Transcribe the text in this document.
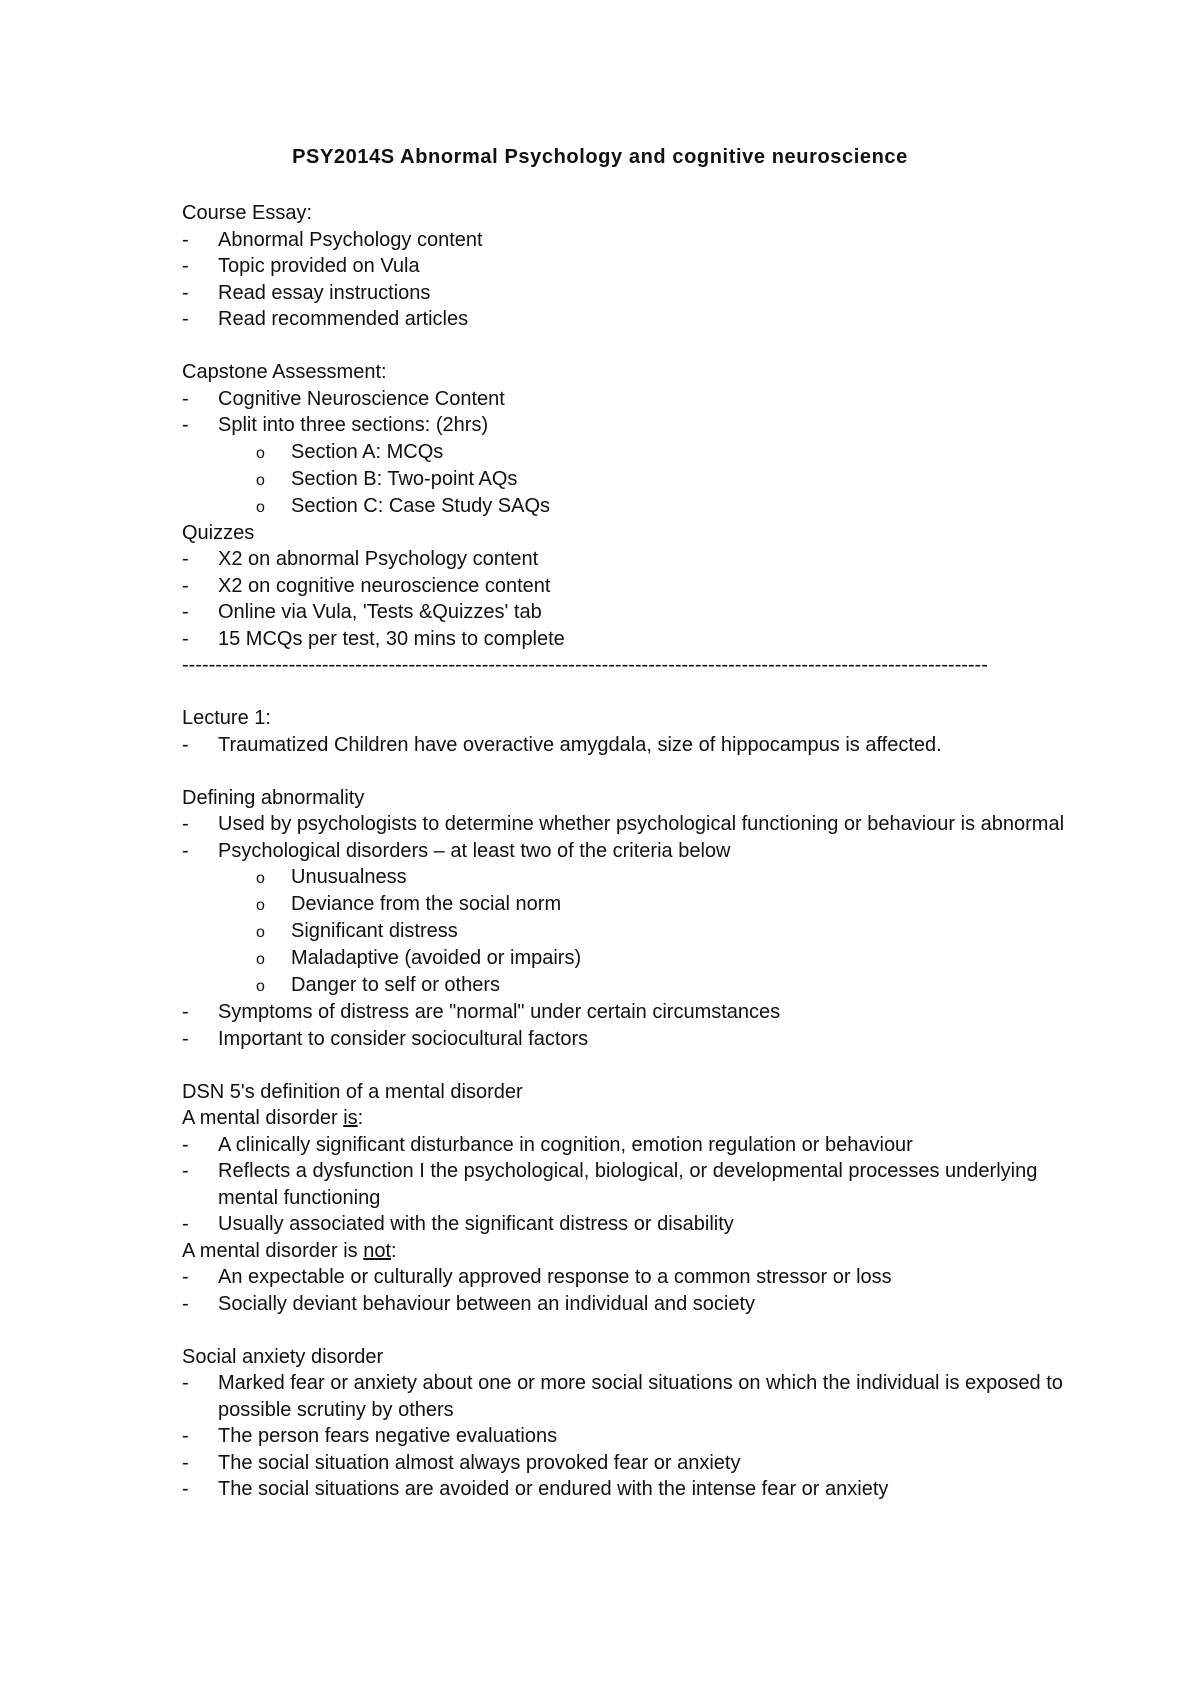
PSY2014S Abnormal Psychology and cognitive neuroscience
Course Essay:
- Abnormal Psychology content
- Topic provided on Vula
- Read essay instructions
- Read recommended articles
Capstone Assessment:
- Cognitive Neuroscience Content
- Split into three sections: (2hrs)
o Section A: MCQs
o Section B: Two-point AQs
o Section C: Case Study SAQs
Quizzes
- X2 on abnormal Psychology content
- X2 on cognitive neuroscience content
- Online via Vula, 'Tests &Quizzes' tab
- 15 MCQs per test, 30 mins to complete
-------------------------------------------------------------------------------------------------------------------------
Lecture 1:
- Traumatized Children have overactive amygdala, size of hippocampus is affected.
Defining abnormality
- Used by psychologists to determine whether psychological functioning or behaviour is abnormal
- Psychological disorders – at least two of the criteria below
o Unusualness
o Deviance from the social norm
o Significant distress
o Maladaptive (avoided or impairs)
o Danger to self or others
- Symptoms of distress are "normal" under certain circumstances
- Important to consider sociocultural factors
DSN 5's definition of a mental disorder
A mental disorder is:
- A clinically significant disturbance in cognition, emotion regulation or behaviour
- Reflects a dysfunction I the psychological, biological, or developmental processes underlying mental functioning
- Usually associated with the significant distress or disability
A mental disorder is not:
- An expectable or culturally approved response to a common stressor or loss
- Socially deviant behaviour between an individual and society
Social anxiety disorder
- Marked fear or anxiety about one or more social situations on which the individual is exposed to possible scrutiny by others
- The person fears negative evaluations
- The social situation almost always provoked fear or anxiety
- The social situations are avoided or endured with the intense fear or anxiety
